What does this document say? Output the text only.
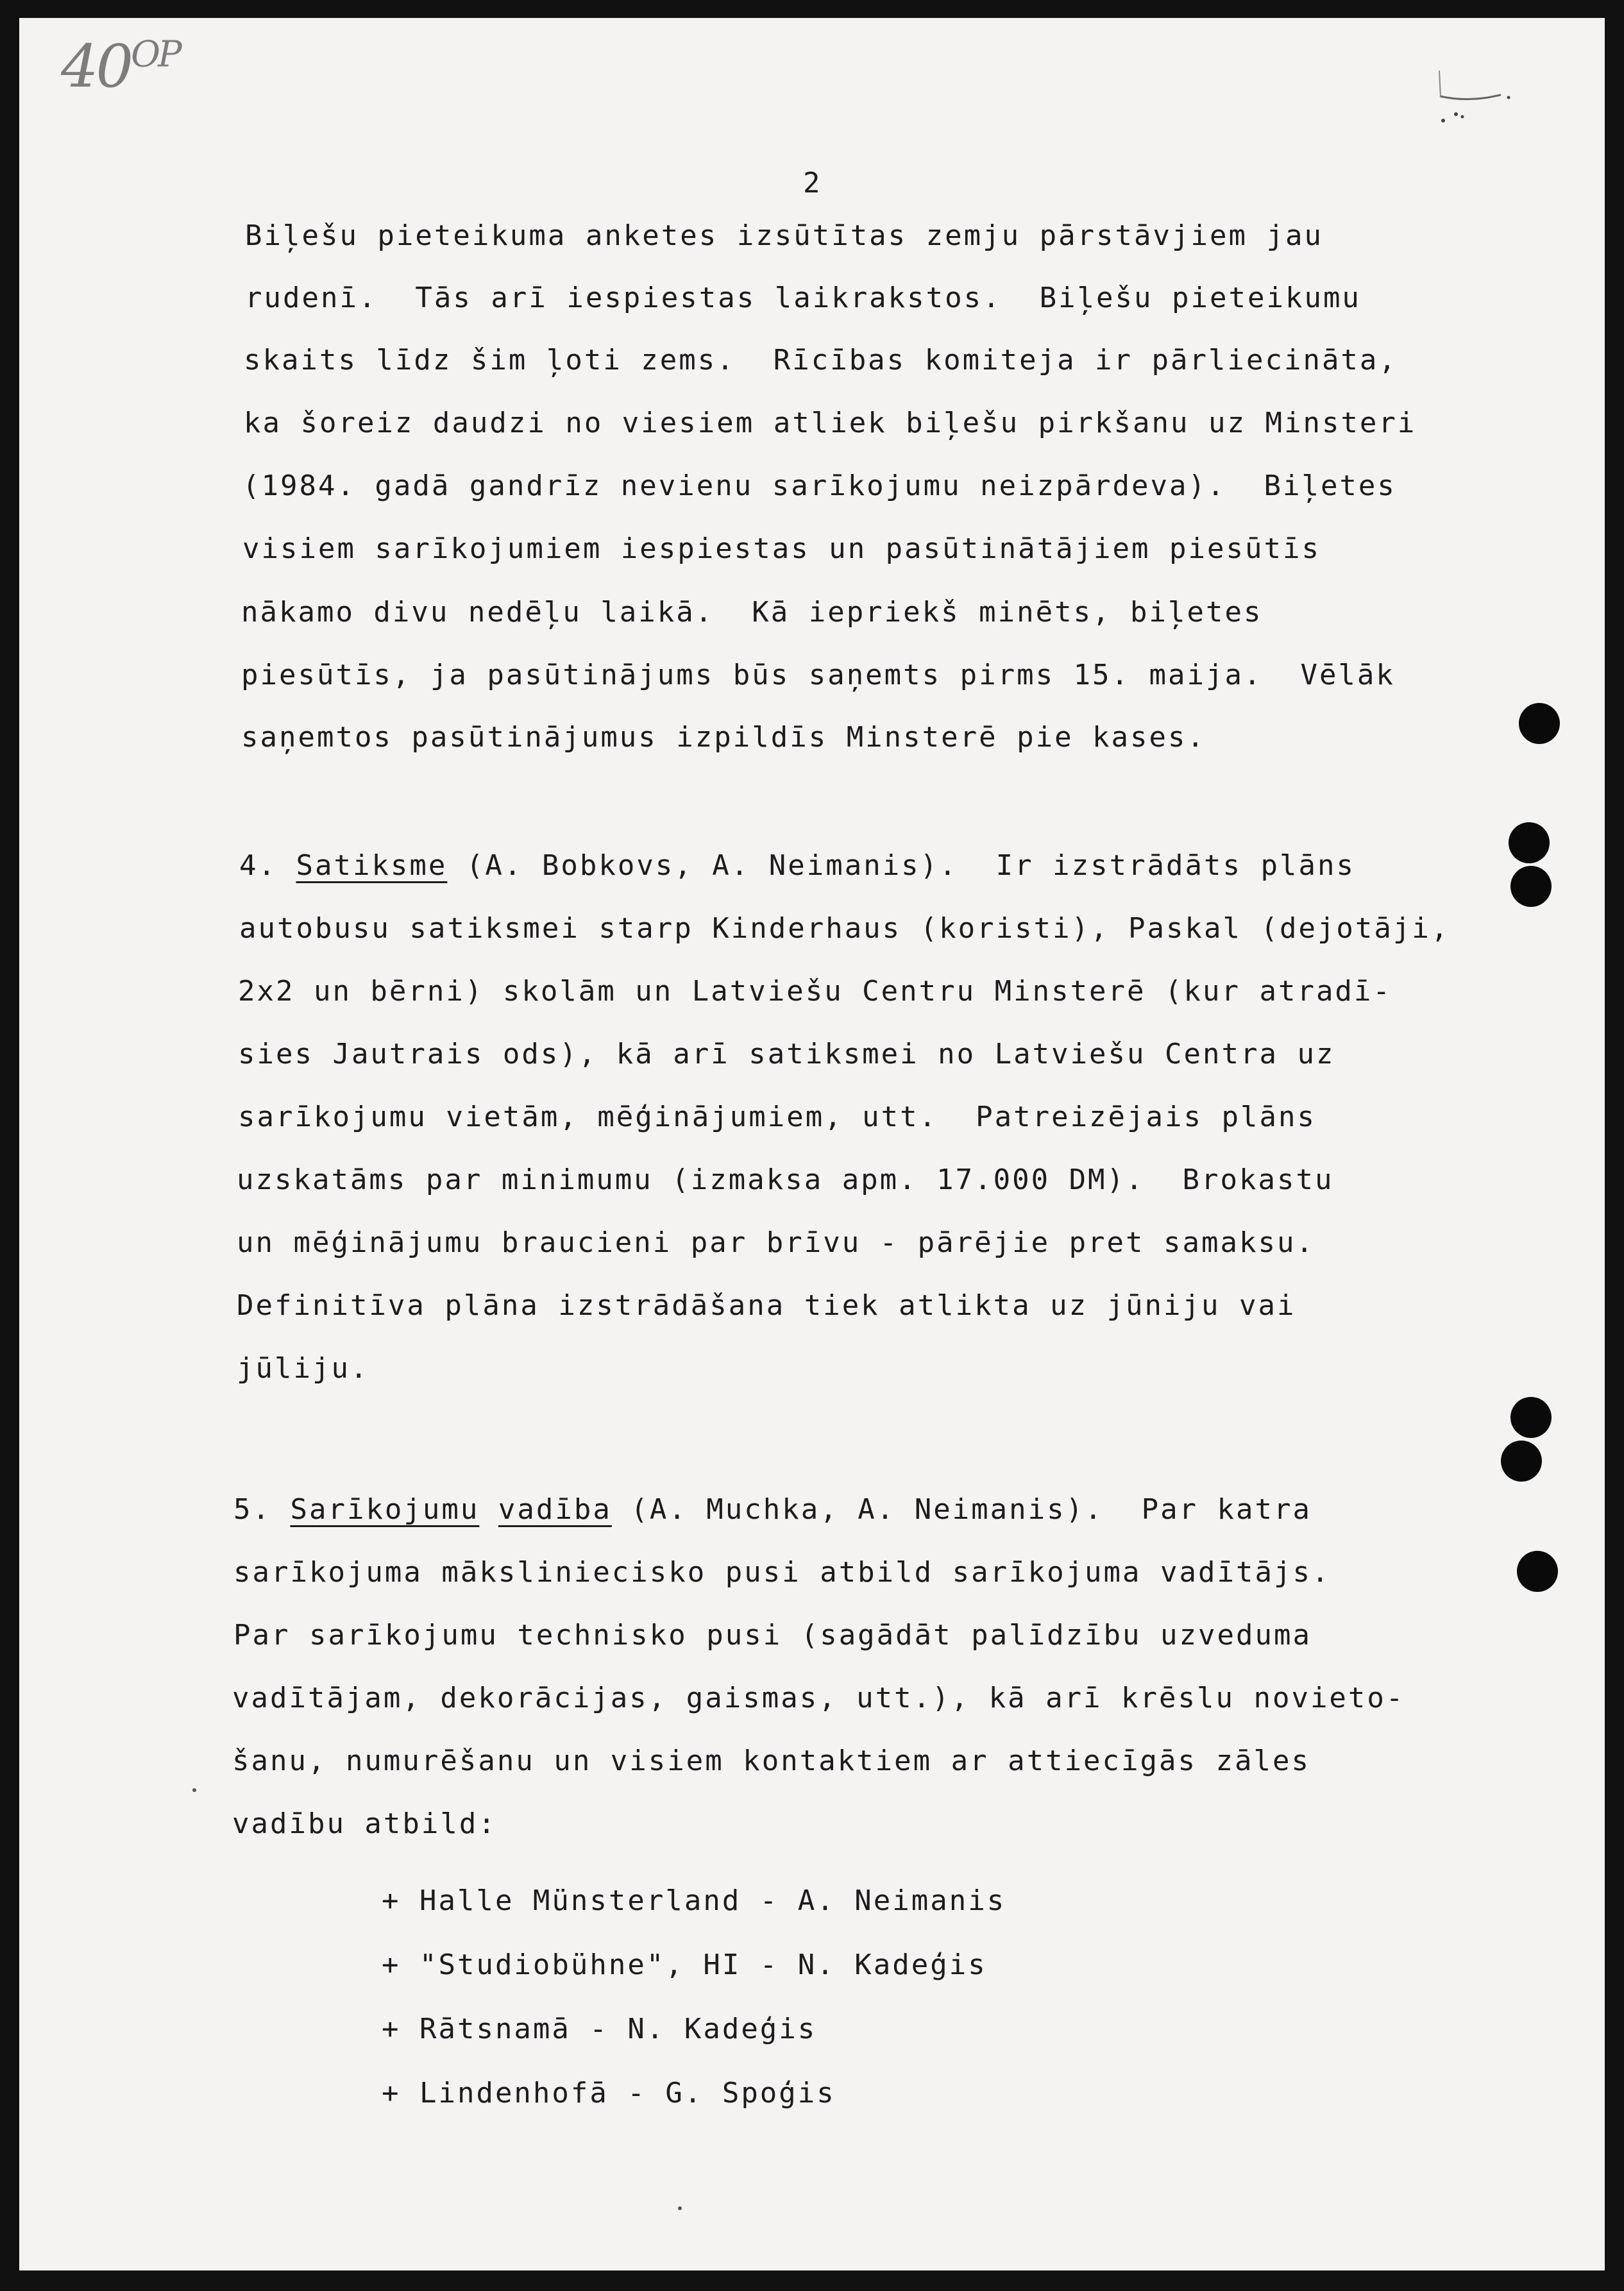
$40^{OP}$
2
Biļešu pieteikuma anketes izsūtītas zemju pārstāvjiem jau
rudenī.  Tās arī iespiestas laikrakstos.  Biļešu pieteikumu
skaits līdz šim ļoti zems.  Rīcības komiteja ir pārliecināta,
ka šoreiz daudzi no viesiem atliek biļešu pirkšanu uz Minsteri
(1984. gadā gandrīz nevienu sarīkojumu neizpārdeva).  Biļetes
visiem sarīkojumiem iespiestas un pasūtinātājiem piesūtīs
nākamo divu nedēļu laikā.  Kā iepriekš minēts, biļetes
piesūtīs, ja pasūtinājums būs saņemts pirms 15. maija.  Vēlāk
saņemtos pasūtinājumus izpildīs Minsterē pie kases.
4. Satiksme (A. Bobkovs, A. Neimanis).  Ir izstrādāts plāns
autobusu satiksmei starp Kinderhaus (koristi), Paskal (dejotāji,
2x2 un bērni) skolām un Latviešu Centru Minsterē (kur atradī-
sies Jautrais ods), kā arī satiksmei no Latviešu Centra uz
sarīkojumu vietām, mēģinājumiem, utt.  Patreizējais plāns
uzskatāms par minimumu (izmaksa apm. 17.000 DM).  Brokastu
un mēģinājumu braucieni par brīvu - pārējie pret samaksu.
Definitīva plāna izstrādāšana tiek atlikta uz jūniju vai
jūliju.
5. Sarīkojumu vadība (A. Muchka, A. Neimanis).  Par katra
sarīkojuma māksliniecisko pusi atbild sarīkojuma vadītājs.
Par sarīkojumu technisko pusi (sagādāt palīdzību uzveduma
vadītājam, dekorācijas, gaismas, utt.), kā arī krēslu novieto-
šanu, numurēšanu un visiem kontaktiem ar attiecīgās zāles
vadību atbild:
+ Halle Münsterland - A. Neimanis
+ "Studiobühne", HI - N. Kadeģis
+ Rātsnamā - N. Kadeģis
+ Lindenhofā - G. Spoģis
